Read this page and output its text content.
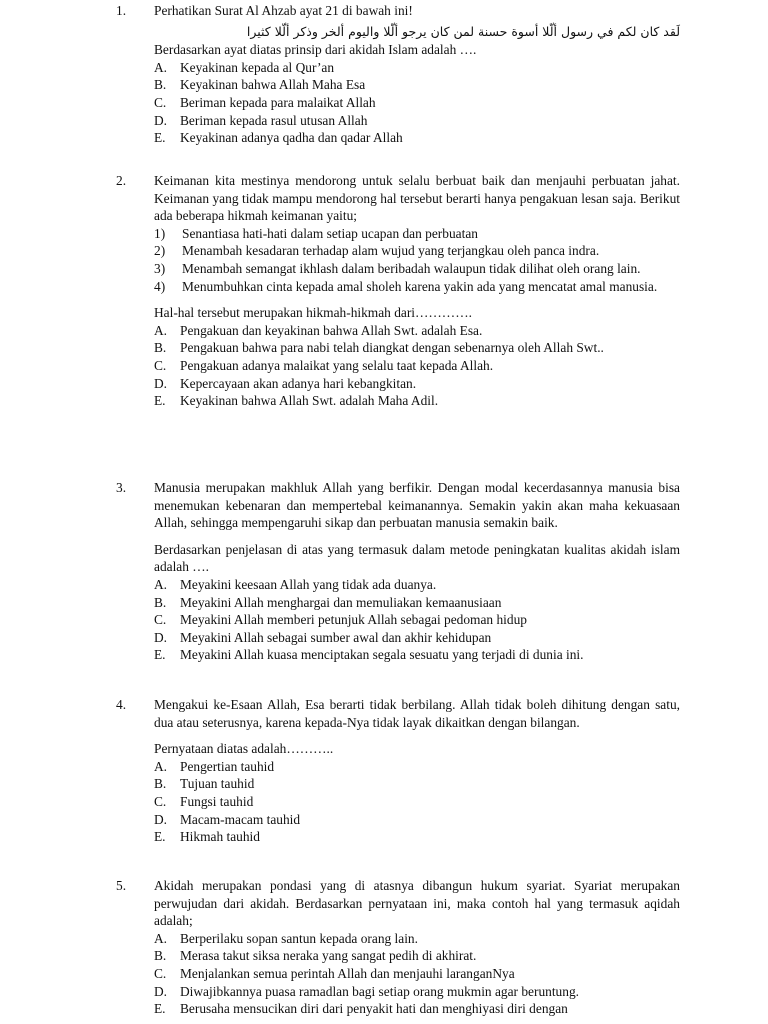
1. Perhatikan Surat Al Ahzab ayat 21 di bawah ini!
لَقد كان لكم في رسول ألّلا أسوة حسنة لمن كان يرجو ألّلا واليوم ألخر وذكر ألّلا كثيرا
Berdasarkan ayat diatas prinsip dari akidah Islam adalah ….
A. Keyakinan kepada al Qur’an
B. Keyakinan bahwa Allah Maha Esa
C. Beriman kepada para malaikat Allah
D. Beriman kepada rasul utusan Allah
E. Keyakinan adanya qadha dan qadar Allah
2. Keimanan kita mestinya mendorong untuk selalu berbuat baik dan menjauhi perbuatan jahat. Keimanan yang tidak mampu mendorong hal tersebut berarti hanya pengakuan lesan saja. Berikut ada beberapa hikmah keimanan yaitu;
1) Senantiasa hati-hati dalam setiap ucapan dan perbuatan
2) Menambah kesadaran terhadap alam wujud yang terjangkau oleh panca indra.
3) Menambah semangat ikhlash dalam beribadah walaupun tidak dilihat oleh orang lain.
4) Menumbuhkan cinta kepada amal sholeh karena yakin ada yang mencatat amal manusia.
Hal-hal tersebut merupakan hikmah-hikmah dari………….
A. Pengakuan dan keyakinan bahwa Allah Swt. adalah Esa.
B. Pengakuan bahwa para nabi telah diangkat dengan sebenarnya oleh Allah Swt..
C. Pengakuan adanya malaikat yang selalu taat kepada Allah.
D. Kepercayaan akan adanya hari kebangkitan.
E. Keyakinan bahwa Allah Swt. adalah Maha Adil.
3. Manusia merupakan makhluk Allah yang berfikir. Dengan modal kecerdasannya manusia bisa menemukan kebenaran dan mempertebal keimanannya. Semakin yakin akan maha kekuasaan Allah, sehingga mempengaruhi sikap dan perbuatan manusia semakin baik.
Berdasarkan penjelasan di atas yang termasuk dalam metode peningkatan kualitas akidah islam adalah ….
A. Meyakini keesaan Allah yang tidak ada duanya.
B. Meyakini Allah menghargai dan memuliakan kemaanusiaan
C. Meyakini Allah memberi petunjuk Allah sebagai pedoman hidup
D. Meyakini Allah sebagai sumber awal dan akhir kehidupan
E. Meyakini Allah kuasa menciptakan segala sesuatu yang terjadi di dunia ini.
4. Mengakui ke-Esaan Allah, Esa berarti tidak berbilang. Allah tidak boleh dihitung dengan satu, dua atau seterusnya, karena kepada-Nya tidak layak dikaitkan dengan bilangan.
Pernyataan diatas adalah………..
A. Pengertian tauhid
B. Tujuan tauhid
C. Fungsi tauhid
D. Macam-macam tauhid
E. Hikmah tauhid
5. Akidah merupakan pondasi yang di atasnya dibangun hukum syariat. Syariat merupakan perwujudan dari akidah. Berdasarkan pernyataan ini, maka contoh hal yang termasuk aqidah adalah;
A. Berperilaku sopan santun kepada orang lain.
B. Merasa takut siksa neraka yang sangat pedih di akhirat.
C. Menjalankan semua perintah Allah dan menjauhi laranganNya
D. Diwajibkannya puasa ramadlan bagi setiap orang mukmin agar beruntung.
E. Berusaha mensucikan diri dari penyakit hati dan menghiyasi diri dengan
